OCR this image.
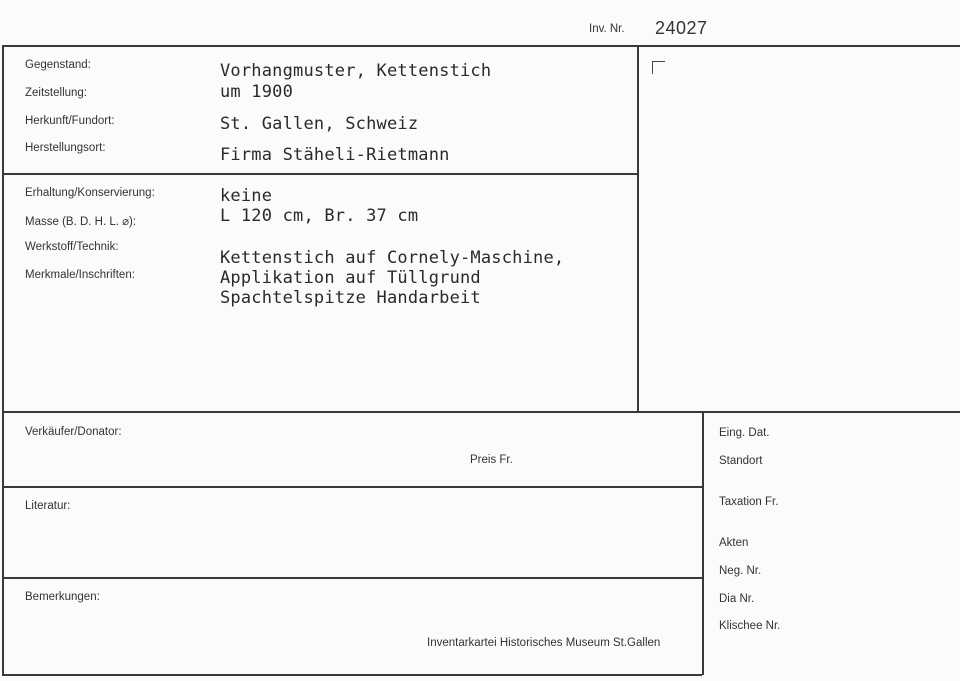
Inv. Nr. 24027
Gegenstand:
Zeitstellung:
Herkunft/Fundort:
Herstellungsort:
Vorhangmuster, Kettenstich
um 1900
St. Gallen, Schweiz
Firma Stäheli-Rietmann
Erhaltung/Konservierung:
Masse (B. D. H. L. ⌀):
Werkstoff/Technik:
Merkmale/Inschriften:
keine
L 120 cm, Br. 37 cm
Kettenstich auf Cornely-Maschine,
Applikation auf Tüllgrund
Spachtelspitze Handarbeit
Verkäufer/Donator:
Preis Fr.
Literatur:
Bemerkungen:
Inventarkartei Historisches Museum St.Gallen
Eing. Dat.
Standort
Taxation Fr.
Akten
Neg. Nr.
Dia Nr.
Klischee Nr.
